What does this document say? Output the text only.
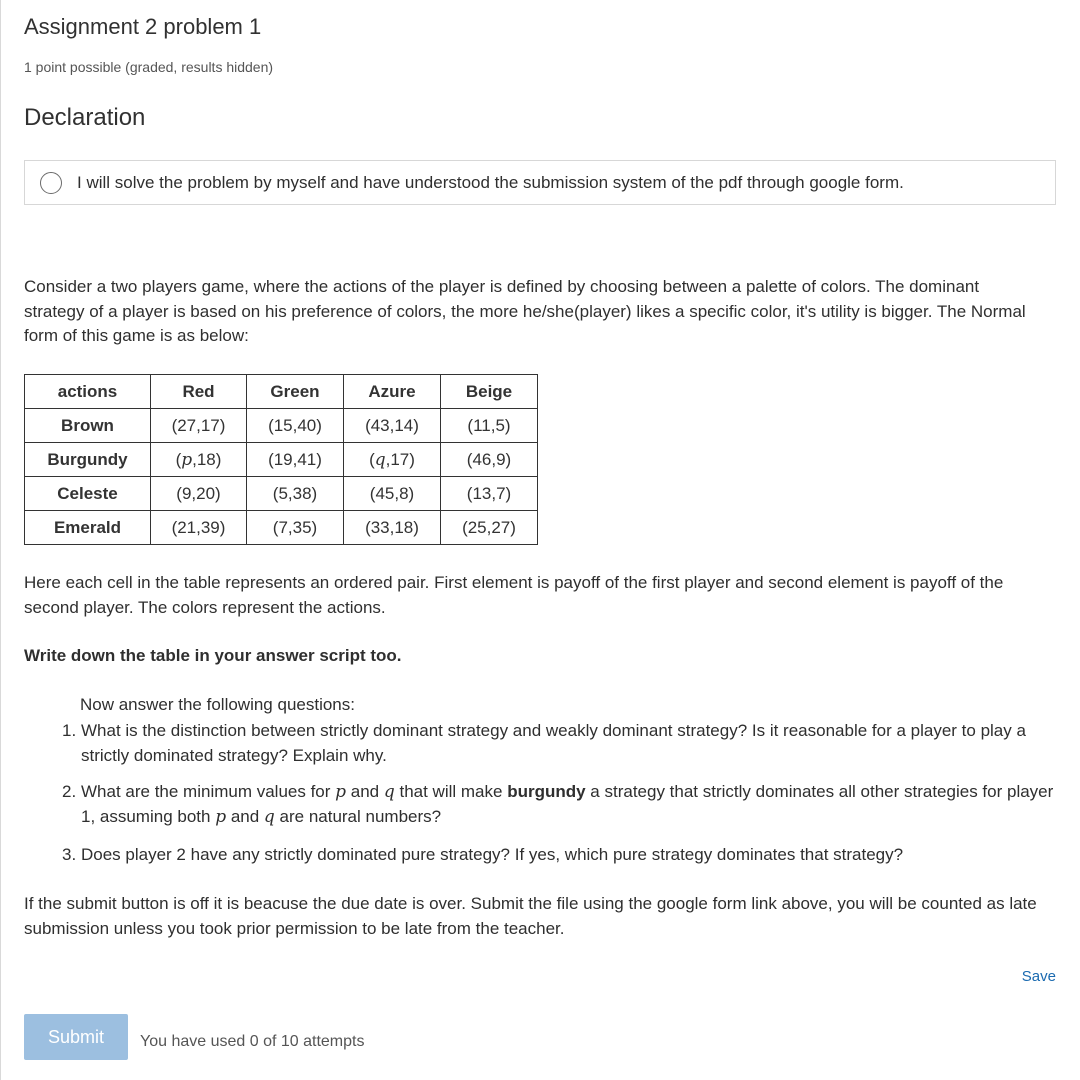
Assignment 2 problem 1
1 point possible (graded, results hidden)
Declaration
I will solve the problem by myself and have understood the submission system of the pdf through google form.

Consider a two players game, where the actions of the player is defined by choosing between a palette of colors. The dominant strategy of a player is based on his preference of colors, the more he/she(player) likes a specific color, it's utility is bigger. The Normal form of this game is as below:

actions	Red	Green	Azure	Beige
Brown	(27,17)	(15,40)	(43,14)	(11,5)
Burgundy	(p,18)	(19,41)	(q,17)	(46,9)
Celeste	(9,20)	(5,38)	(45,8)	(13,7)
Emerald	(21,39)	(7,35)	(33,18)	(25,27)

Here each cell in the table represents an ordered pair. First element is payoff of the first player and second element is payoff of the second player. The colors represent the actions.

Write down the table in your answer script too.

Now answer the following questions:
1. What is the distinction between strictly dominant strategy and weakly dominant strategy? Is it reasonable for a player to play a strictly dominated strategy? Explain why.
2. What are the minimum values for p and q that will make burgundy a strategy that strictly dominates all other strategies for player 1, assuming both p and q are natural numbers?
3. Does player 2 have any strictly dominated pure strategy? If yes, which pure strategy dominates that strategy?

If the submit button is off it is beacuse the due date is over. Submit the file using the google form link above, you will be counted as late submission unless you took prior permission to be late from the teacher.

Save
Submit	You have used 0 of 10 attempts
